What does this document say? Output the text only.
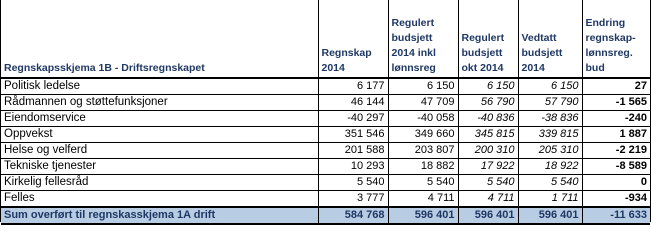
Regnskapsskjema 1B - Driftsregnskapet	Regnskap 2014	Regulert budsjett 2014 inkl lønnsreg	Regulert budsjett okt 2014	Vedtatt budsjett 2014	Endring regnskap-lønnsreg. bud
Politisk ledelse	6 177	6 150	6 150	6 150	27
Rådmannen og støttefunksjoner	46 144	47 709	56 790	57 790	-1 565
Eiendomservice	-40 297	-40 058	-40 836	-38 836	-240
Oppvekst	351 546	349 660	345 815	339 815	1 887
Helse og velferd	201 588	203 807	200 310	205 310	-2 219
Tekniske tjenester	10 293	18 882	17 922	18 922	-8 589
Kirkelig fellesråd	5 540	5 540	5 540	5 540	0
Felles	3 777	4 711	4 711	1 711	-934
Sum overført til regnskasskjema 1A drift	584 768	596 401	596 401	596 401	-11 633
